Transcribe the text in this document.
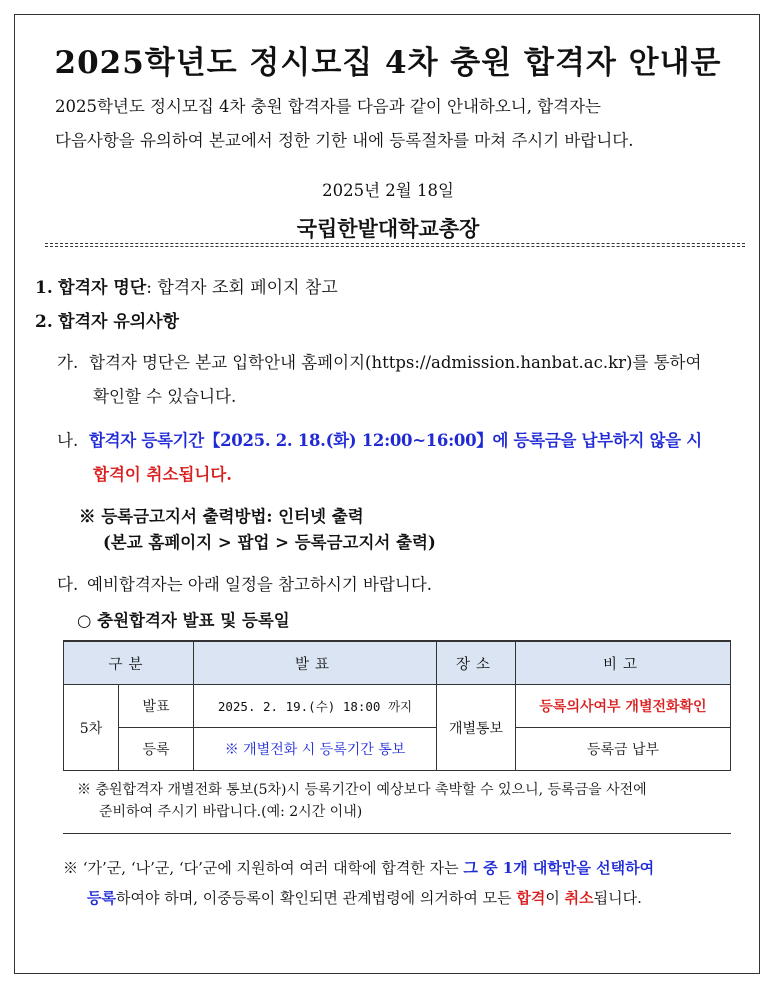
2025학년도 정시모집 4차 충원 합격자 안내문
2025학년도 정시모집 4차 충원 합격자를 다음과 같이 안내하오니, 합격자는
다음사항을 유의하여 본교에서 정한 기한 내에 등록절차를 마쳐 주시기 바랍니다.
2025년 2월 18일
국립한밭대학교총장
1. 합격자 명단: 합격자 조회 페이지 참고
2. 합격자 유의사항
가. 합격자 명단은 본교 입학안내 홈페이지(https://admission.hanbat.ac.kr)를 통하여
확인할 수 있습니다.
나. 합격자 등록기간【2025. 2. 18.(화) 12:00~16:00】에 등록금을 납부하지 않을 시
합격이 취소됩니다.
※ 등록금고지서 출력방법: 인터넷 출력
(본교 홈페이지 > 팝업 > 등록금고지서 출력)
다. 예비합격자는 아래 일정을 참고하시기 바랍니다.
○ 충원합격자 발표 및 등록일
구분		발표	장소	비고
5차	발표	2025. 2. 19.(수) 18:00 까지	개별통보	등록의사여부 개별전화확인
	등록	※ 개별전화 시 등록기간 통보		등록금 납부
※ 충원합격자 개별전화 통보(5차)시 등록기간이 예상보다 촉박할 수 있으니, 등록금을 사전에
준비하여 주시기 바랍니다.(예: 2시간 이내)
※ ‘가’군, ‘나’군, ‘다’군에 지원하여 여러 대학에 합격한 자는 그 중 1개 대학만을 선택하여
등록하여야 하며, 이중등록이 확인되면 관계법령에 의거하여 모든 합격이 취소됩니다.
